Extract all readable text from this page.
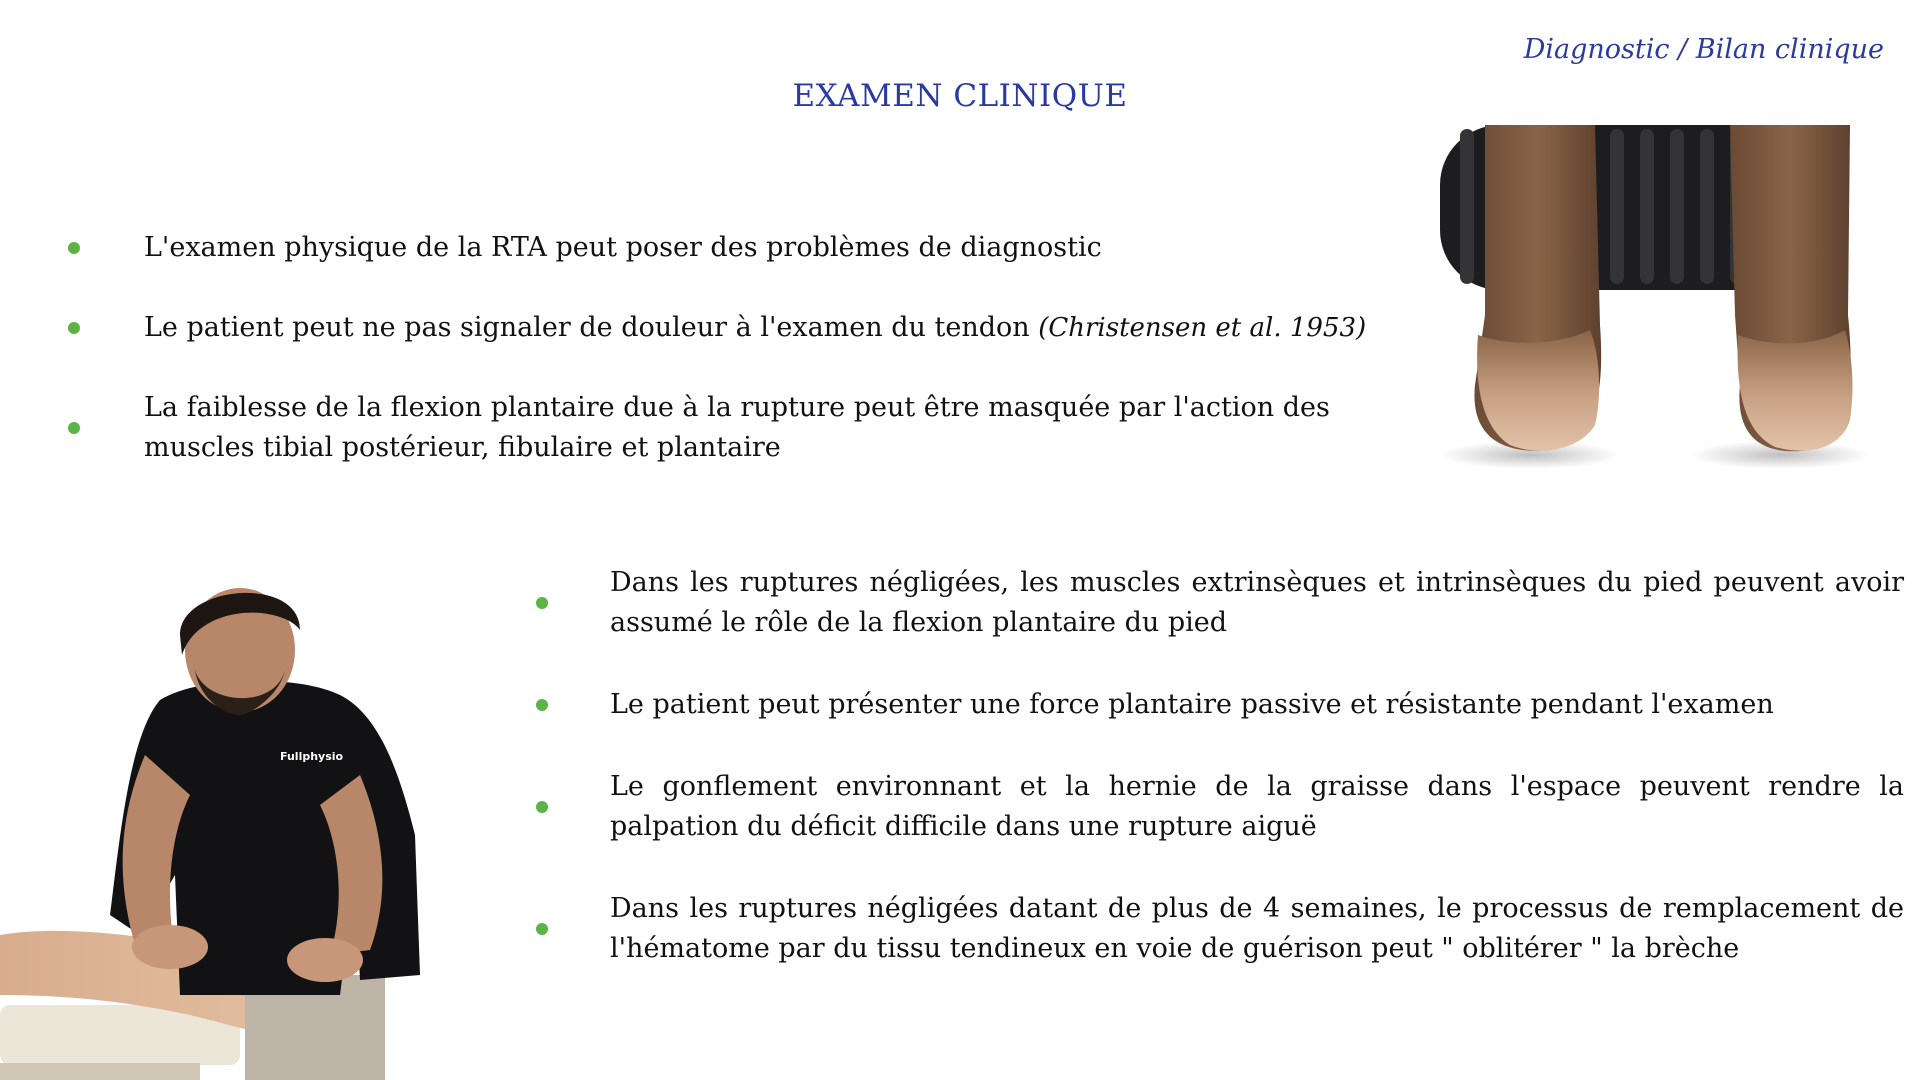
Diagnostic / Bilan clinique
EXAMEN CLINIQUE
L'examen physique de la RTA peut poser des problèmes de diagnostic
Le patient peut ne pas signaler de douleur à l'examen du tendon (Christensen et al. 1953)
La faiblesse de la flexion plantaire due à la rupture peut être masquée par l'action des muscles tibial postérieur, fibulaire et plantaire
Dans les ruptures négligées, les muscles extrinsèques et intrinsèques du pied peuvent avoir assumé le rôle de la flexion plantaire du pied
Le patient peut présenter une force plantaire passive et résistante pendant l'examen
Le gonflement environnant et la hernie de la graisse dans l'espace peuvent rendre la palpation du déficit difficile dans une rupture aiguë
Dans les ruptures négligées datant de plus de 4 semaines, le processus de remplacement de l'hématome par du tissu tendineux en voie de guérison peut " oblitérer " la brèche
Fullphysio
